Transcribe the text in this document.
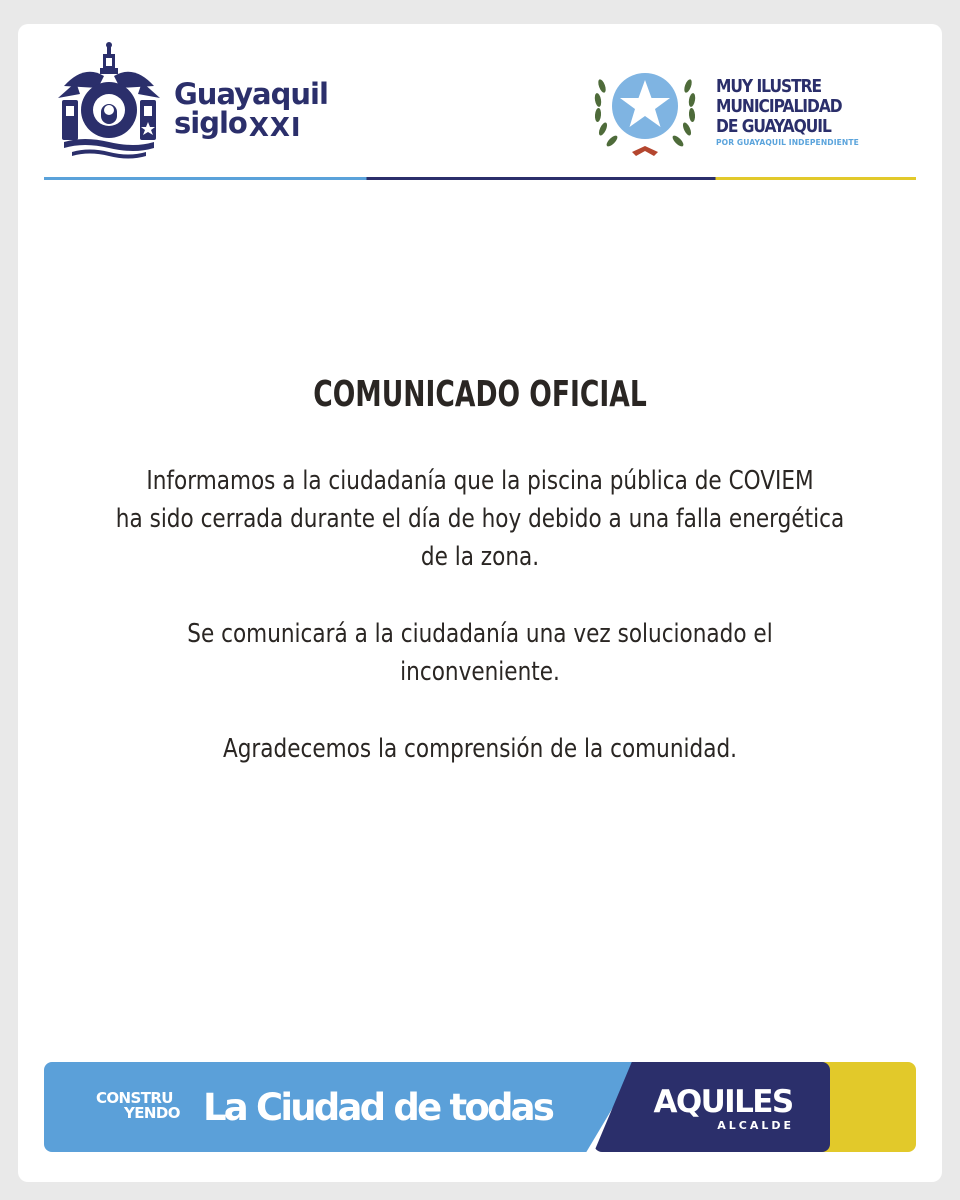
Guayaquil
sigloXXI
MUY ILUSTRE
MUNICIPALIDAD
DE GUAYAQUIL
POR GUAYAQUIL INDEPENDIENTE
COMUNICADO OFICIAL
Informamos a la ciudadanía que la piscina pública de COVIEM
ha sido cerrada durante el día de hoy debido a una falla energética
de la zona.
Se comunicará a la ciudadanía una vez solucionado el
inconveniente.
Agradecemos la comprensión de la comunidad.
CONSTRU
YENDO La Ciudad de todas	AQUILES
ALCALDE
